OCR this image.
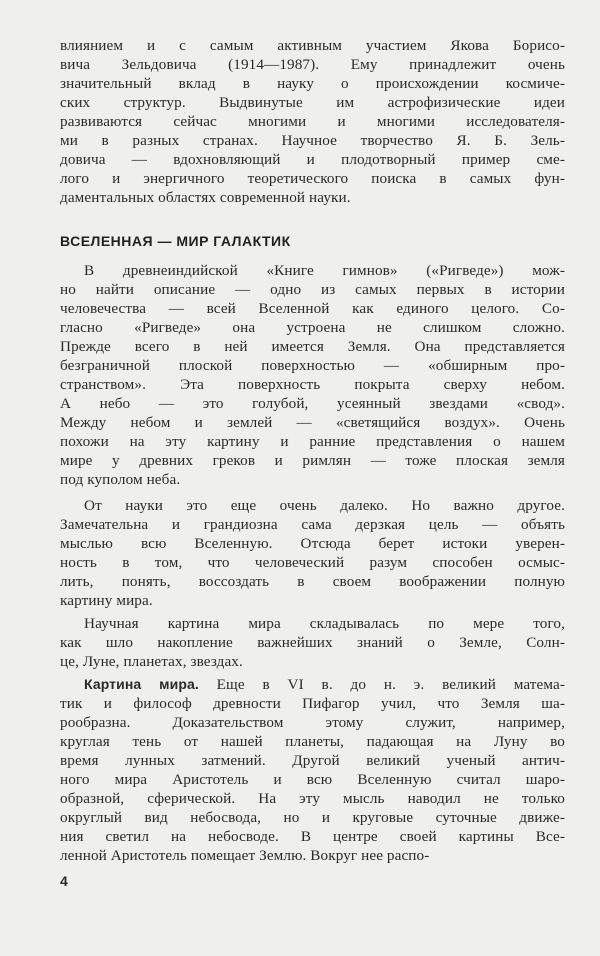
влиянием и с самым активным участием Якова Борисо-
вича Зельдовича (1914—1987). Ему принадлежит очень
значительный вклад в науку о происхождении космиче-
ских структур. Выдвинутые им астрофизические идеи
развиваются сейчас многими и многими исследователя-
ми в разных странах. Научное творчество Я. Б. Зель-
довича — вдохновляющий и плодотворный пример сме-
лого и энергичного теоретического поиска в самых фун-
даментальных областях современной науки.
ВСЕЛЕННАЯ — МИР ГАЛАКТИК
В древнеиндийской «Книге гимнов» («Ригведе») мож-
но найти описание — одно из самых первых в истории
человечества — всей Вселенной как единого целого. Со-
гласно «Ригведе» она устроена не слишком сложно.
Прежде всего в ней имеется Земля. Она представляется
безграничной плоской поверхностью — «обширным про-
странством». Эта поверхность покрыта сверху небом.
А небо — это голубой, усеянный звездами «свод».
Между небом и землей — «светящийся воздух». Очень
похожи на эту картину и ранние представления о нашем
мире у древних греков и римлян — тоже плоская земля
под куполом неба.
От науки это еще очень далеко. Но важно другое.
Замечательна и грандиозна сама дерзкая цель — объять
мыслью всю Вселенную. Отсюда берет истоки уверен-
ность в том, что человеческий разум способен осмыс-
лить, понять, воссоздать в своем воображении полную
картину мира.
Научная картина мира складывалась по мере того,
как шло накопление важнейших знаний о Земле, Солн-
це, Луне, планетах, звездах.
Картина мира. Еще в VI в. до н. э. великий матема-
тик и философ древности Пифагор учил, что Земля ша-
рообразна. Доказательством этому служит, например,
круглая тень от нашей планеты, падающая на Луну во
время лунных затмений. Другой великий ученый антич-
ного мира Аристотель и всю Вселенную считал шаро-
образной, сферической. На эту мысль наводил не только
округлый вид небосвода, но и круговые суточные движе-
ния светил на небосводе. В центре своей картины Все-
ленной Аристотель помещает Землю. Вокруг нее распо-
4
